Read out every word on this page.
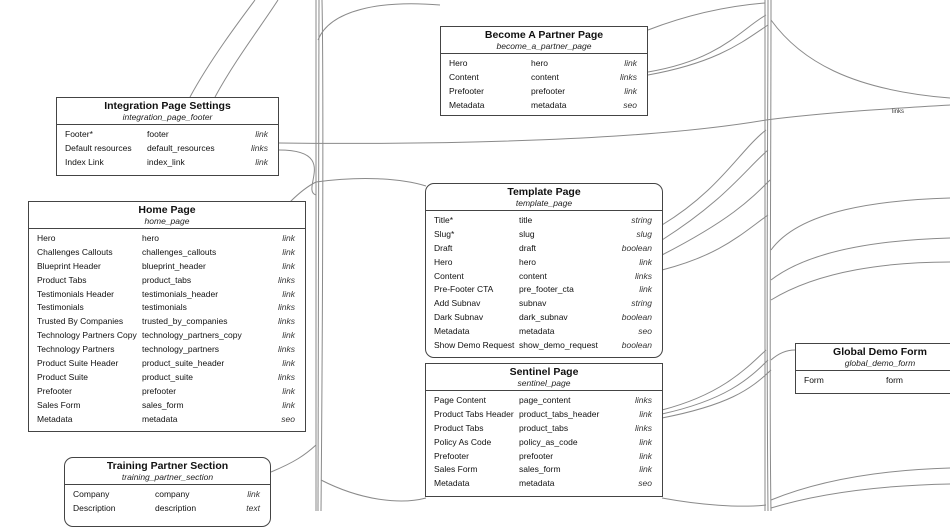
links
Integration Page Settings
integration_page_footer
Footer*	footer	link
Default resources default_resources	links
Index Link	index_link	link
Home Page
home_page
Hero	hero	link
Challenges Callouts	challenges_callouts	link
Blueprint Header	blueprint_header	link
Product Tabs	product_tabs	links
Testimonials Header	testimonials_header	link
Testimonials	testimonials	links
Trusted By Companies trusted_by_companies	links
Technology Partners Copy technology_partners_copy	link
Technology Partners	technology_partners	links
Product Suite Header	product_suite_header	link
Product Suite	product_suite	links
Prefooter	prefooter	link
Sales Form	sales_form	link
Metadata	metadata	seo
Training Partner Section
training_partner_section
Company	company	link
Description	description	text
Become A Partner Page
become_a_partner_page
Hero	hero	link
Content	content	links
Prefooter	prefooter	link
Metadata	metadata	seo
Template Page
template_page
Title*	title	string
Slug*	slug	slug
Draft	draft	boolean
Hero	hero	link
Content	content	links
Pre-Footer CTA	pre_footer_cta	link
Add Subnav	subnav	string
Dark Subnav	dark_subnav	boolean
Metadata	metadata	seo
Show Demo Request show_demo_request	boolean
Sentinel Page
sentinel_page
Page Content	page_content	links
Product Tabs Header product_tabs_header	link
Product Tabs	product_tabs	links
Policy As Code	policy_as_code	link
Prefooter	prefooter	link
Sales Form	sales_form	link
Metadata	metadata	seo
Global Demo Form
global_demo_form
Form	form
